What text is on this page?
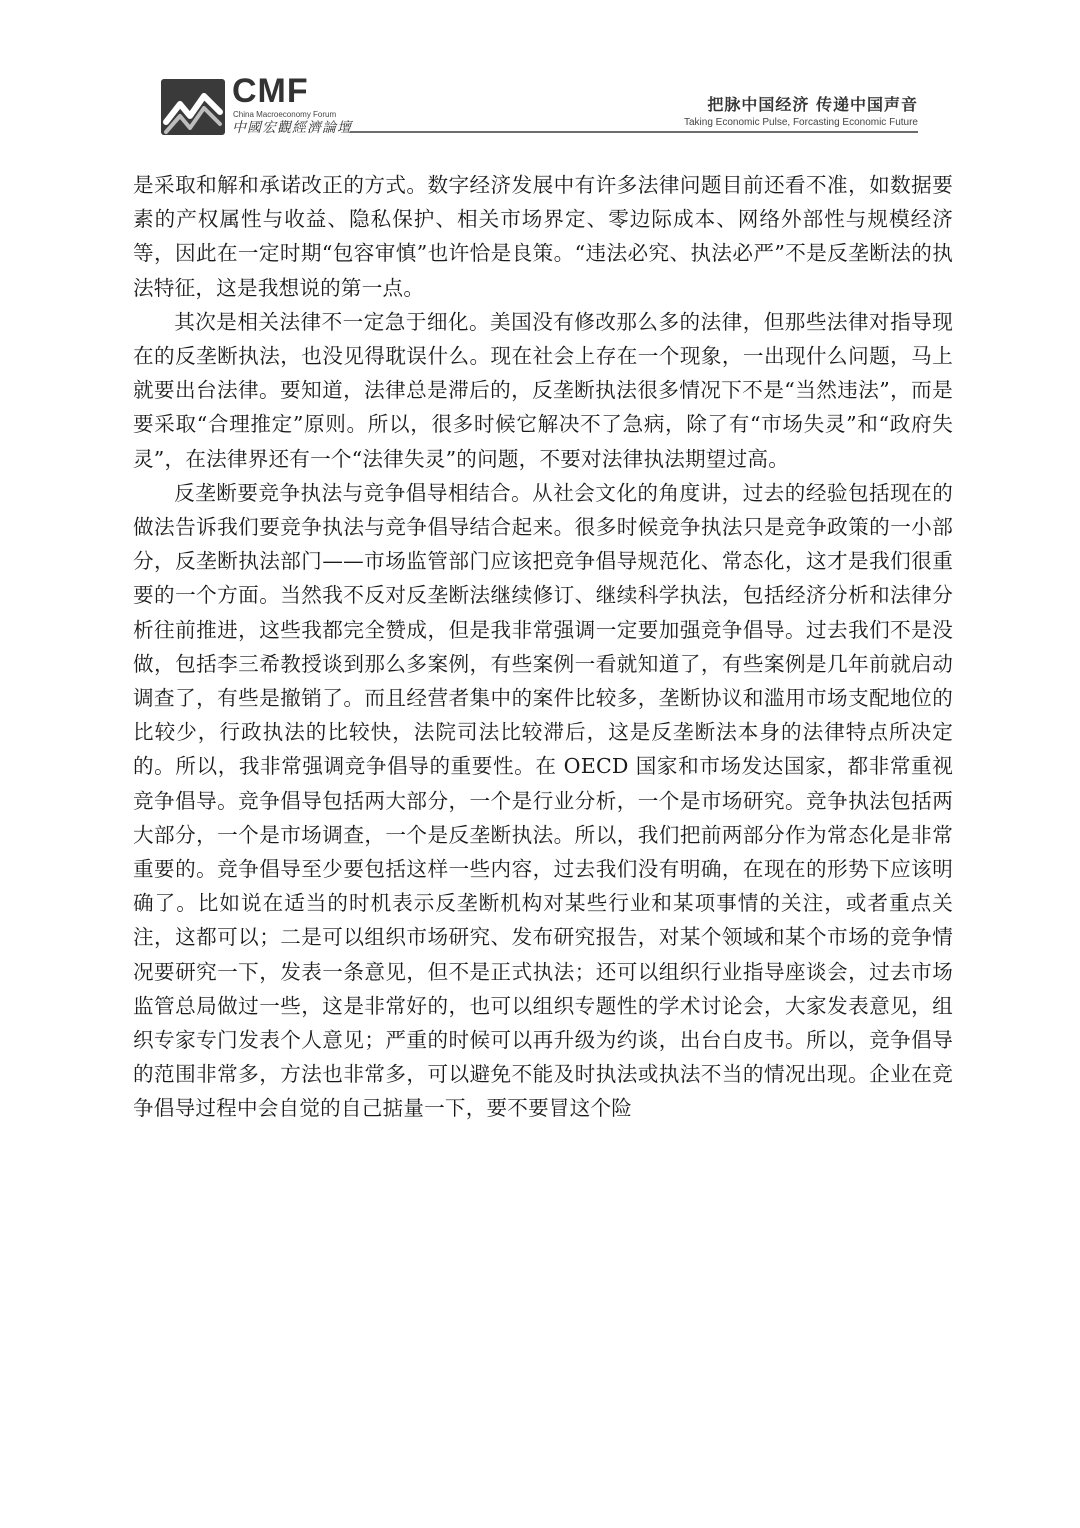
CMF
China Macroeconomy Forum
中國宏觀經濟論壇
把脉中国经济 传递中国声音
Taking Economic Pulse, Forcasting Economic Future

是采取和解和承诺改正的方式。数字经济发展中有许多法律问题目前还看不准，如数据要素的产权属性与收益、隐私保护、相关市场界定、零边际成本、网络外部性与规模经济等，因此在一定时期“包容审慎”也许恰是良策。“违法必究、执法必严”不是反垄断法的执法特征，这是我想说的第一点。

其次是相关法律不一定急于细化。美国没有修改那么多的法律，但那些法律对指导现在的反垄断执法，也没见得耽误什么。现在社会上存在一个现象，一出现什么问题，马上就要出台法律。要知道，法律总是滞后的，反垄断执法很多情况下不是“当然违法”，而是要采取“合理推定”原则。所以，很多时候它解决不了急病，除了有“市场失灵”和“政府失灵”，在法律界还有一个“法律失灵”的问题，不要对法律执法期望过高。

反垄断要竞争执法与竞争倡导相结合。从社会文化的角度讲，过去的经验包括现在的做法告诉我们要竞争执法与竞争倡导结合起来。很多时候竞争执法只是竞争政策的一小部分，反垄断执法部门——市场监管部门应该把竞争倡导规范化、常态化，这才是我们很重要的一个方面。当然我不反对反垄断法继续修订、继续科学执法，包括经济分析和法律分析往前推进，这些我都完全赞成，但是我非常强调一定要加强竞争倡导。过去我们不是没做，包括李三希教授谈到那么多案例，有些案例一看就知道了，有些案例是几年前就启动调查了，有些是撤销了。而且经营者集中的案件比较多，垄断协议和滥用市场支配地位的比较少，行政执法的比较快，法院司法比较滞后，这是反垄断法本身的法律特点所决定的。所以，我非常强调竞争倡导的重要性。在 OECD 国家和市场发达国家，都非常重视竞争倡导。竞争倡导包括两大部分，一个是行业分析，一个是市场研究。竞争执法包括两大部分，一个是市场调查，一个是反垄断执法。所以，我们把前两部分作为常态化是非常重要的。竞争倡导至少要包括这样一些内容，过去我们没有明确，在现在的形势下应该明确了。比如说在适当的时机表示反垄断机构对某些行业和某项事情的关注，或者重点关注，这都可以；二是可以组织市场研究、发布研究报告，对某个领域和某个市场的竞争情况要研究一下，发表一条意见，但不是正式执法；还可以组织行业指导座谈会，过去市场监管总局做过一些，这是非常好的，也可以组织专题性的学术讨论会，大家发表意见，组织专家专门发表个人意见；严重的时候可以再升级为约谈，出台白皮书。所以，竞争倡导的范围非常多，方法也非常多，可以避免不能及时执法或执法不当的情况出现。企业在竞争倡导过程中会自觉的自己掂量一下，要不要冒这个险
